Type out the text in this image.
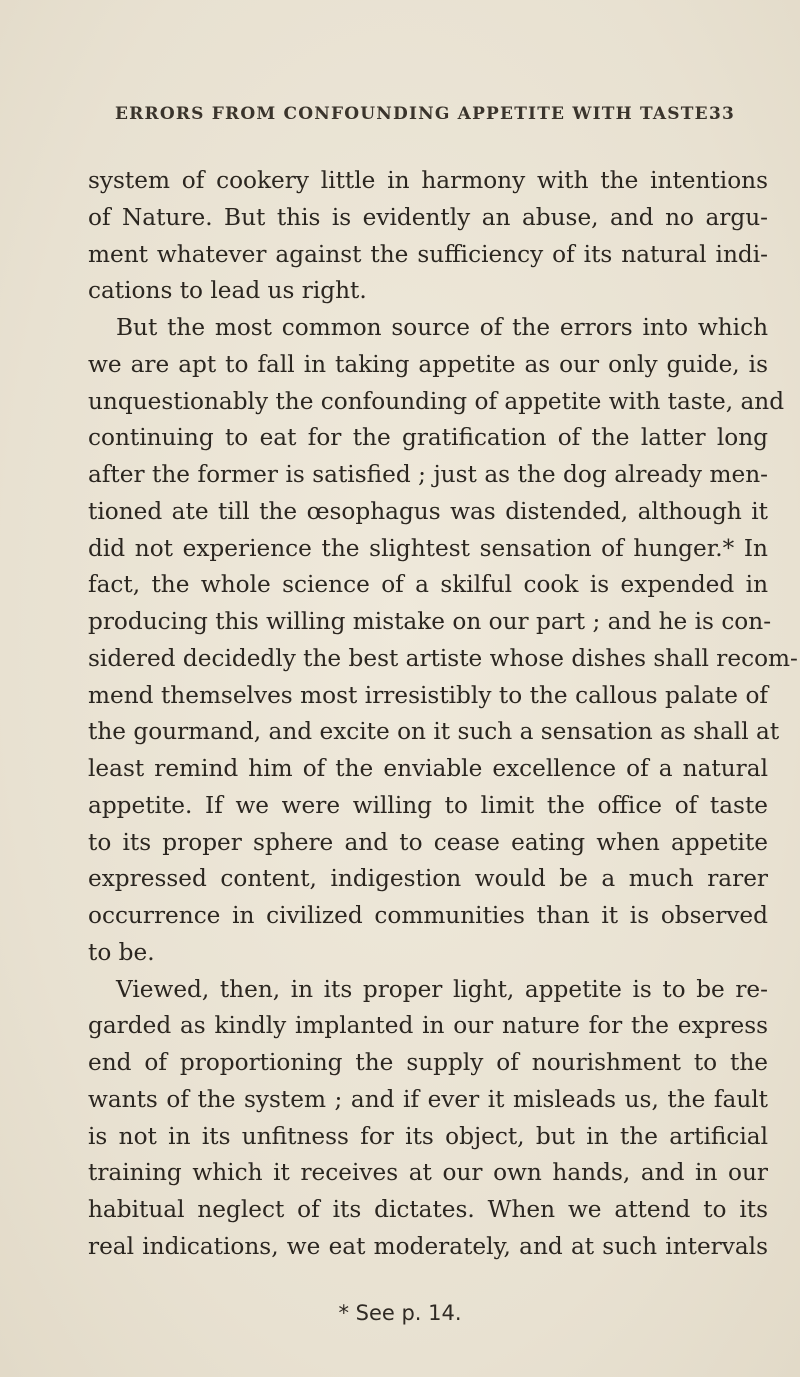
ERRORS FROM CONFOUNDING APPETITE WITH TASTE.
33
system of cookery little in harmony with the intentions
of Nature. But this is evidently an abuse, and no argu-
ment whatever against the sufficiency of its natural indi-
cations to lead us right.
But the most common source of the errors into which
we are apt to fall in taking appetite as our only guide, is
unquestionably the confounding of appetite with taste, and
continuing to eat for the gratification of the latter long
after the former is satisfied ; just as the dog already men-
tioned ate till the œsophagus was distended, although it
did not experience the slightest sensation of hunger.* In
fact, the whole science of a skilful cook is expended in
producing this willing mistake on our part ; and he is con-
sidered decidedly the best artiste whose dishes shall recom-
mend themselves most irresistibly to the callous palate of
the gourmand, and excite on it such a sensation as shall at
least remind him of the enviable excellence of a natural
appetite. If we were willing to limit the office of taste
to its proper sphere and to cease eating when appetite
expressed content, indigestion would be a much rarer
occurrence in civilized communities than it is observed
to be.
Viewed, then, in its proper light, appetite is to be re-
garded as kindly implanted in our nature for the express
end of proportioning the supply of nourishment to the
wants of the system ; and if ever it misleads us, the fault
is not in its unfitness for its object, but in the artificial
training which it receives at our own hands, and in our
habitual neglect of its dictates. When we attend to its
real indications, we eat moderately, and at such intervals
* See p. 14.
